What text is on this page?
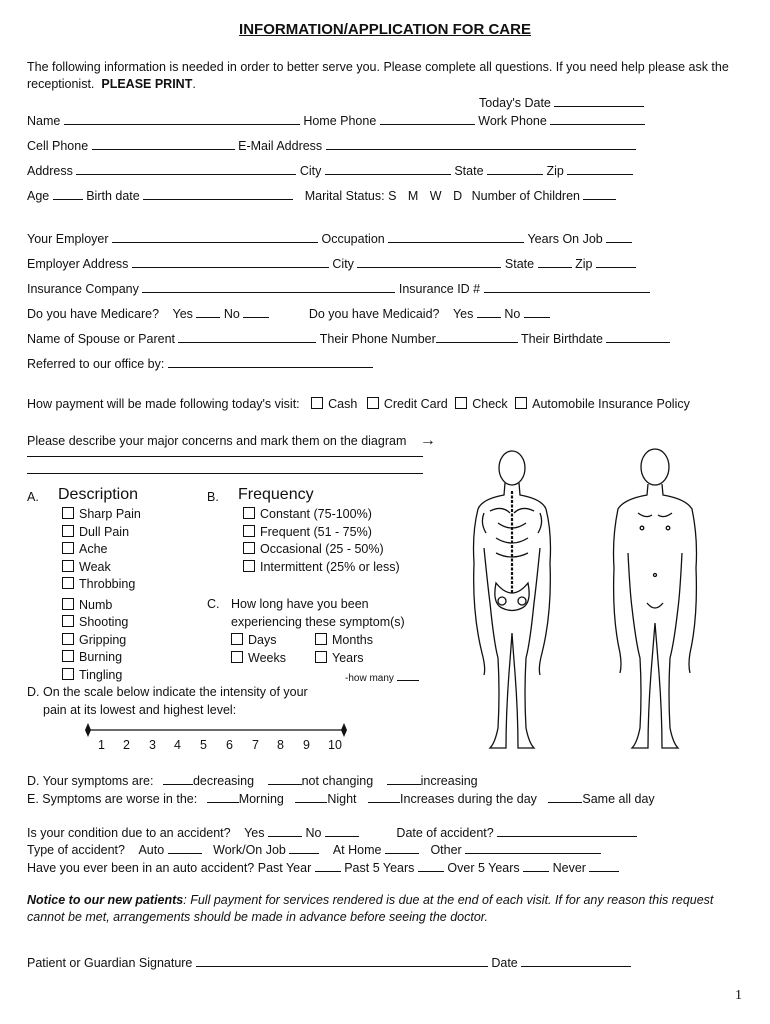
INFORMATION/APPLICATION FOR CARE
The following information is needed in order to better serve you. Please complete all questions. If you need help please ask the receptionist. PLEASE PRINT.
Today's Date
Name	Home Phone	Work Phone
Cell Phone	E-Mail Address
Address	City	State	Zip
Age	Birth date	Marital Status: S M W D Number of Children
Your Employer	Occupation	Years On Job
Employer Address	City	State	Zip
Insurance Company	Insurance ID #
Do you have Medicare? Yes No	Do you have Medicaid? Yes No
Name of Spouse or Parent	Their Phone Number	Their Birthdate
Referred to our office by:
How payment will be made following today's visit: Cash Credit Card Check Automobile Insurance Policy
Please describe your major concerns and mark them on the diagram →
A. Description
Sharp Pain
Dull Pain
Ache
Weak
Throbbing
Numb
Shooting
Gripping
Burning
Tingling
B. Frequency
Constant (75-100%)
Frequent (51 - 75%)
Occasional (25 - 50%)
Intermittent (25% or less)
C. How long have you been
experiencing these symptom(s)
Days	Months
Weeks	Years
-how many
D. On the scale below indicate the intensity of your
pain at its lowest and highest level:
1 2 3 4 5 6 7 8 9 10
D. Your symptoms are:	decreasing	not changing	increasing
E. Symptoms are worse in the:	Morning	Night	Increases during the day	Same all day
Is your condition due to an accident? Yes	No	Date of accident?
Type of accident? Auto	Work/On Job	At Home	Other
Have you ever been in an auto accident? Past Year	Past 5 Years	Over 5 Years	Never
Notice to our new patients: Full payment for services rendered is due at the end of each visit. If for any reason this request cannot be met, arrangements should be made in advance before seeing the doctor.
Patient or Guardian Signature	Date
1
